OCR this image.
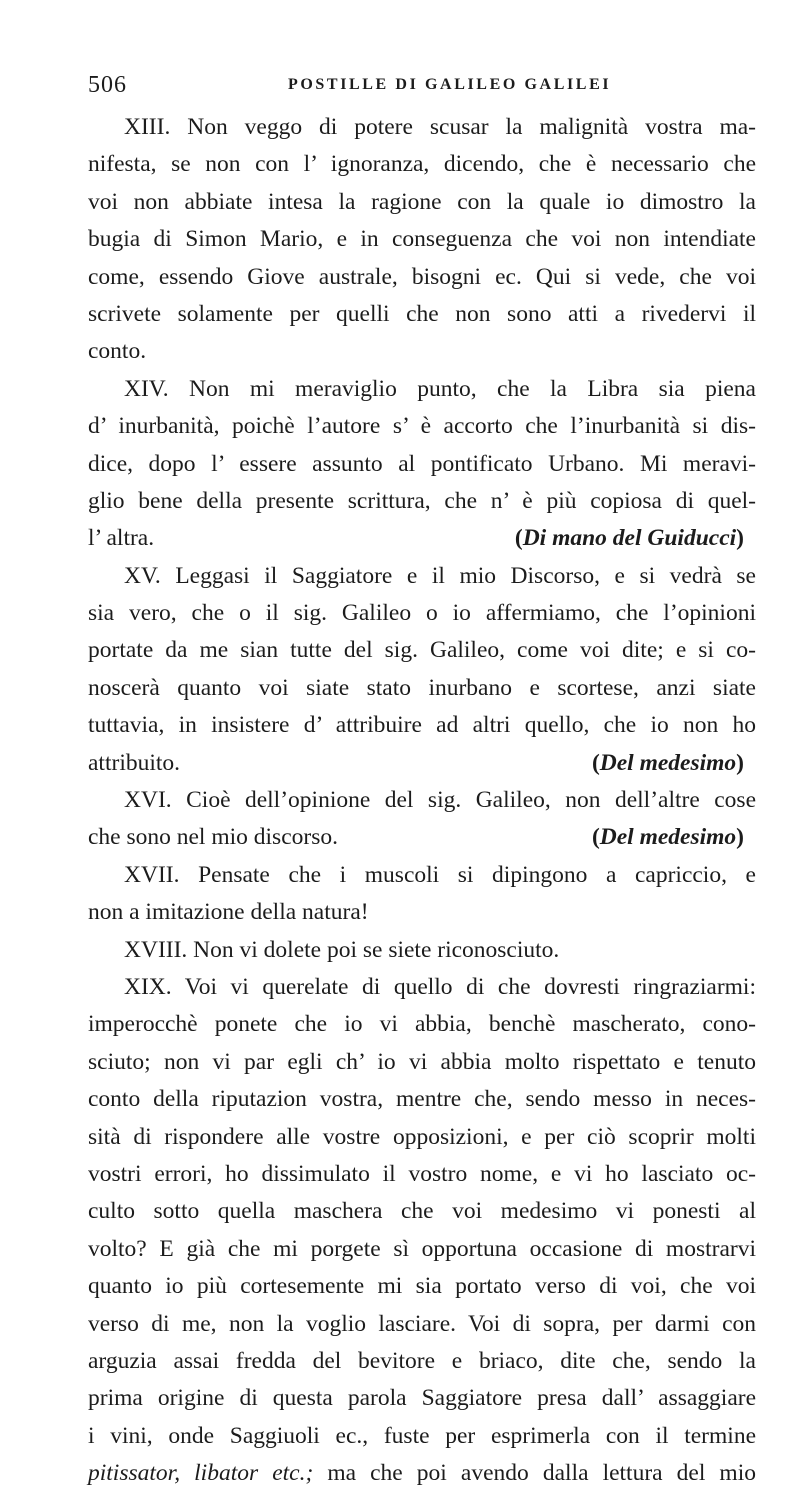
506	POSTILLE DI GALILEO GALILEI
XIII. Non veggo di potere scusar la malignità vostra ma-
nifesta, se non con l’ ignoranza, dicendo, che è necessario che
voi non abbiate intesa la ragione con la quale io dimostro la
bugia di Simon Mario, e in conseguenza che voi non intendiate
come, essendo Giove australe, bisogni ec. Qui si vede, che voi
scrivete solamente per quelli che non sono atti a rivedervi il
conto.
XIV. Non mi meraviglio punto, che la Libra sia piena
d’ inurbanità, poichè l’autore s’ è accorto che l’inurbanità si dis-
dice, dopo l’ essere assunto al pontificato Urbano. Mi meravi-
glio bene della presente scrittura, che n’ è più copiosa di quel-
l’ altra.	(Di mano del Guiducci)
XV. Leggasi il Saggiatore e il mio Discorso, e si vedrà se
sia vero, che o il sig. Galileo o io affermiamo, che l’opinioni
portate da me sian tutte del sig. Galileo, come voi dite; e si co-
noscerà quanto voi siate stato inurbano e scortese, anzi siate
tuttavia, in insistere d’ attribuire ad altri quello, che io non ho
attribuito.	(Del medesimo)
XVI. Cioè dell’opinione del sig. Galileo, non dell’altre cose
che sono nel mio discorso.	(Del medesimo)
XVII. Pensate che i muscoli si dipingono a capriccio, e
non a imitazione della natura!
XVIII. Non vi dolete poi se siete riconosciuto.
XIX. Voi vi querelate di quello di che dovresti ringraziarmi:
imperocchè ponete che io vi abbia, benchè mascherato, cono-
sciuto; non vi par egli ch’ io vi abbia molto rispettato e tenuto
conto della riputazion vostra, mentre che, sendo messo in neces-
sità di rispondere alle vostre opposizioni, e per ciò scoprir molti
vostri errori, ho dissimulato il vostro nome, e vi ho lasciato oc-
culto sotto quella maschera che voi medesimo vi ponesti al
volto? E già che mi porgete sì opportuna occasione di mostrarvi
quanto io più cortesemente mi sia portato verso di voi, che voi
verso di me, non la voglio lasciare. Voi di sopra, per darmi con
arguzia assai fredda del bevitore e briaco, dite che, sendo la
prima origine di questa parola Saggiatore presa dall’ assaggiare
i vini, onde Saggiuoli ec., fuste per esprimerla con il termine
pitissator, libator etc.; ma che poi avendo dalla lettura del mio
